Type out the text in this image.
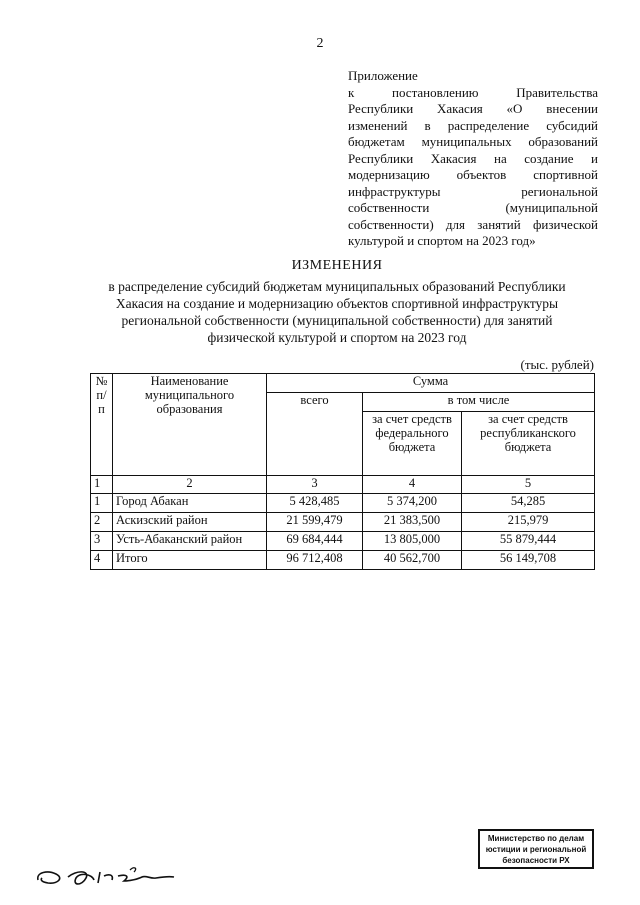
2
Приложение
к постановлению Правительства
Республики Хакасия «О внесении
изменений в распределение субсидий
бюджетам муниципальных образований
Республики Хакасия на создание и
модернизацию объектов спортивной
инфраструктуры региональной
собственности (муниципальной
собственности) для занятий физической
культурой и спортом на 2023 год»
ИЗМЕНЕНИЯ
в распределение субсидий бюджетам муниципальных образований Республики
Хакасия на создание и модернизацию объектов спортивной инфраструктуры
региональной собственности (муниципальной собственности) для занятий
физической культурой и спортом на 2023 год
(тыс. рублей)
№ п/п	Наименование муниципального образования	Сумма		
		всего	в том числе	
			за счет средств федерального бюджета	за счет средств республиканского бюджета
1	2	3	4	5
1	Город Абакан	5 428,485	5 374,200	54,285
2	Аскизский район	21 599,479	21 383,500	215,979
3	Усть-Абаканский район	69 684,444	13 805,000	55 879,444
4	Итого	96 712,408	40 562,700	56 149,708
Министерство по делам
юстиции и региональной
безопасности РХ
